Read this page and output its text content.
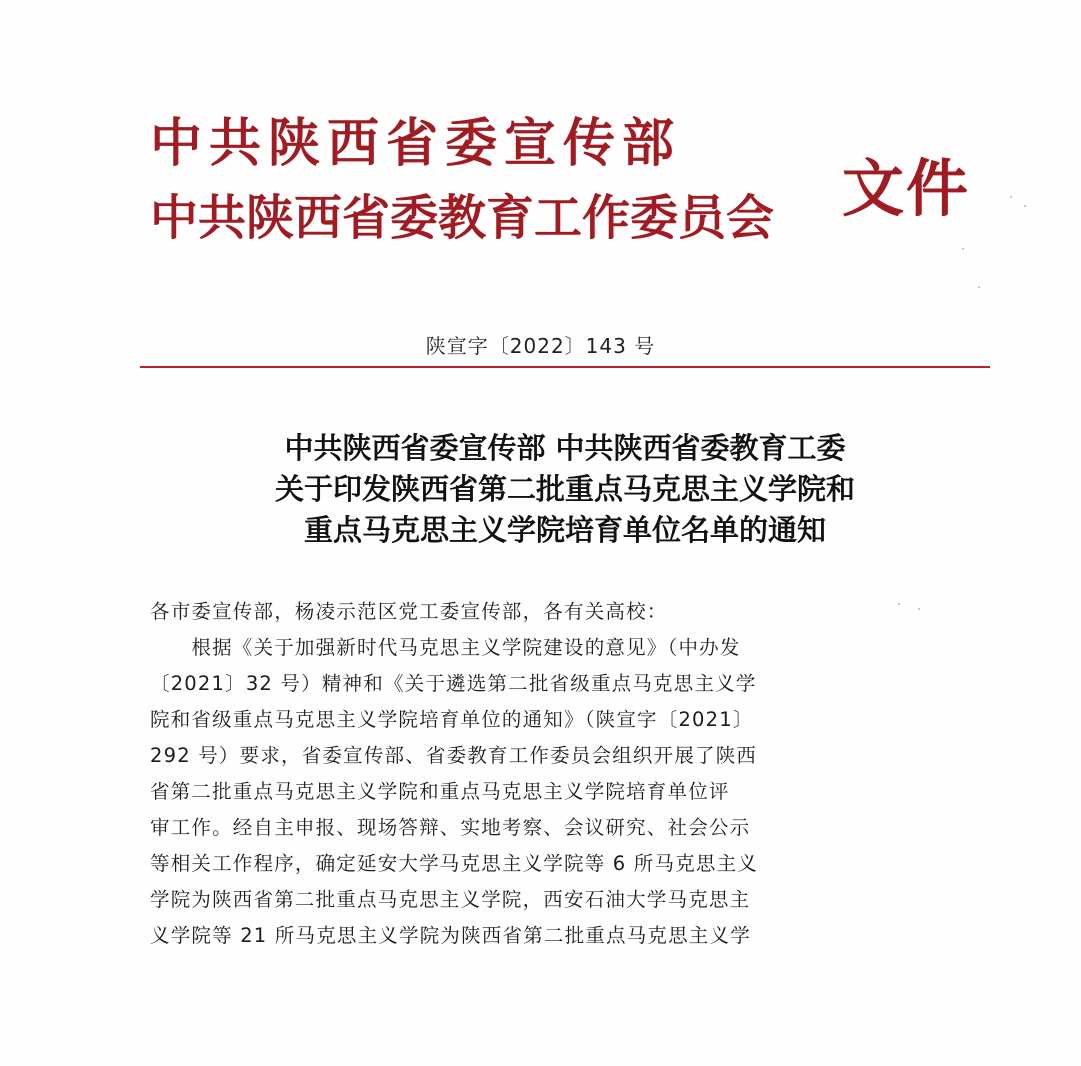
中共陕西省委宣传部
中共陕西省委教育工作委员会	文件
陕宣字〔2022〕143 号
中共陕西省委宣传部 中共陕西省委教育工委
关于印发陕西省第二批重点马克思主义学院和
重点马克思主义学院培育单位名单的通知
各市委宣传部，杨凌示范区党工委宣传部，各有关高校：
　　根据《关于加强新时代马克思主义学院建设的意见》（中办发
〔2021〕32 号）精神和《关于遴选第二批省级重点马克思主义学
院和省级重点马克思主义学院培育单位的通知》（陕宣字〔2021〕
292 号）要求，省委宣传部、省委教育工作委员会组织开展了陕西
省第二批重点马克思主义学院和重点马克思主义学院培育单位评
审工作。经自主申报、现场答辩、实地考察、会议研究、社会公示
等相关工作程序，确定延安大学马克思主义学院等 6 所马克思主义
学院为陕西省第二批重点马克思主义学院，西安石油大学马克思主
义学院等 21 所马克思主义学院为陕西省第二批重点马克思主义学
